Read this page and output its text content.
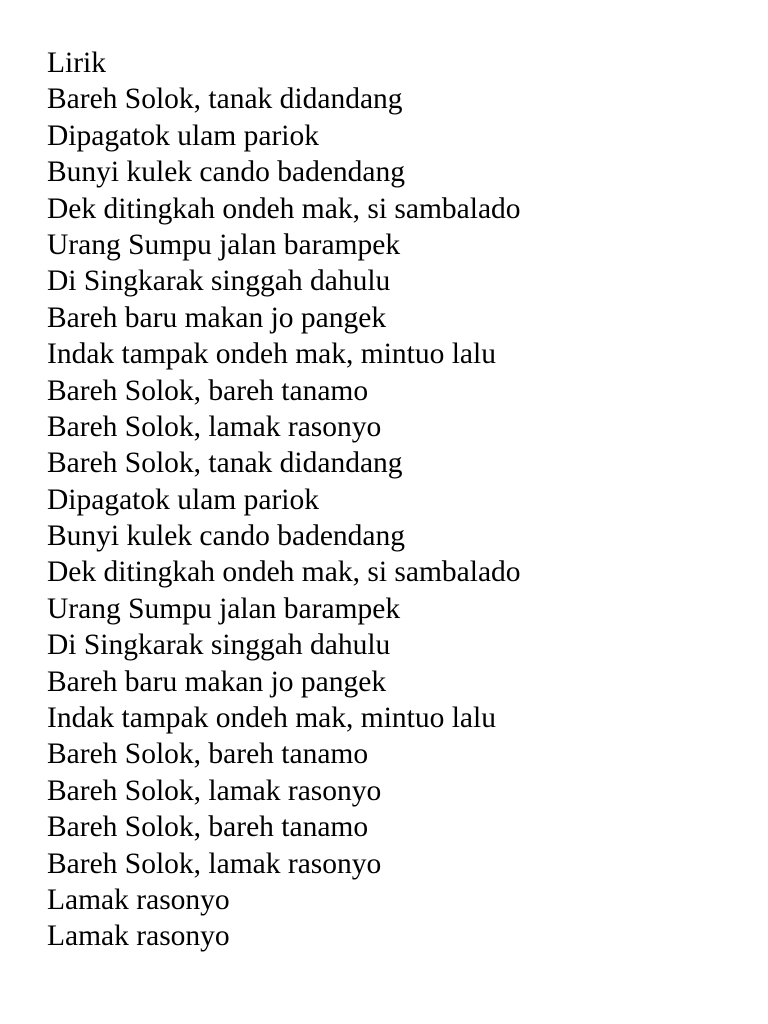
Lirik
Bareh Solok, tanak didandang
Dipagatok ulam pariok
Bunyi kulek cando badendang
Dek ditingkah ondeh mak, si sambalado
Urang Sumpu jalan barampek
Di Singkarak singgah dahulu
Bareh baru makan jo pangek
Indak tampak ondeh mak, mintuo lalu
Bareh Solok, bareh tanamo
Bareh Solok, lamak rasonyo
Bareh Solok, tanak didandang
Dipagatok ulam pariok
Bunyi kulek cando badendang
Dek ditingkah ondeh mak, si sambalado
Urang Sumpu jalan barampek
Di Singkarak singgah dahulu
Bareh baru makan jo pangek
Indak tampak ondeh mak, mintuo lalu
Bareh Solok, bareh tanamo
Bareh Solok, lamak rasonyo
Bareh Solok, bareh tanamo
Bareh Solok, lamak rasonyo
Lamak rasonyo
Lamak rasonyo
